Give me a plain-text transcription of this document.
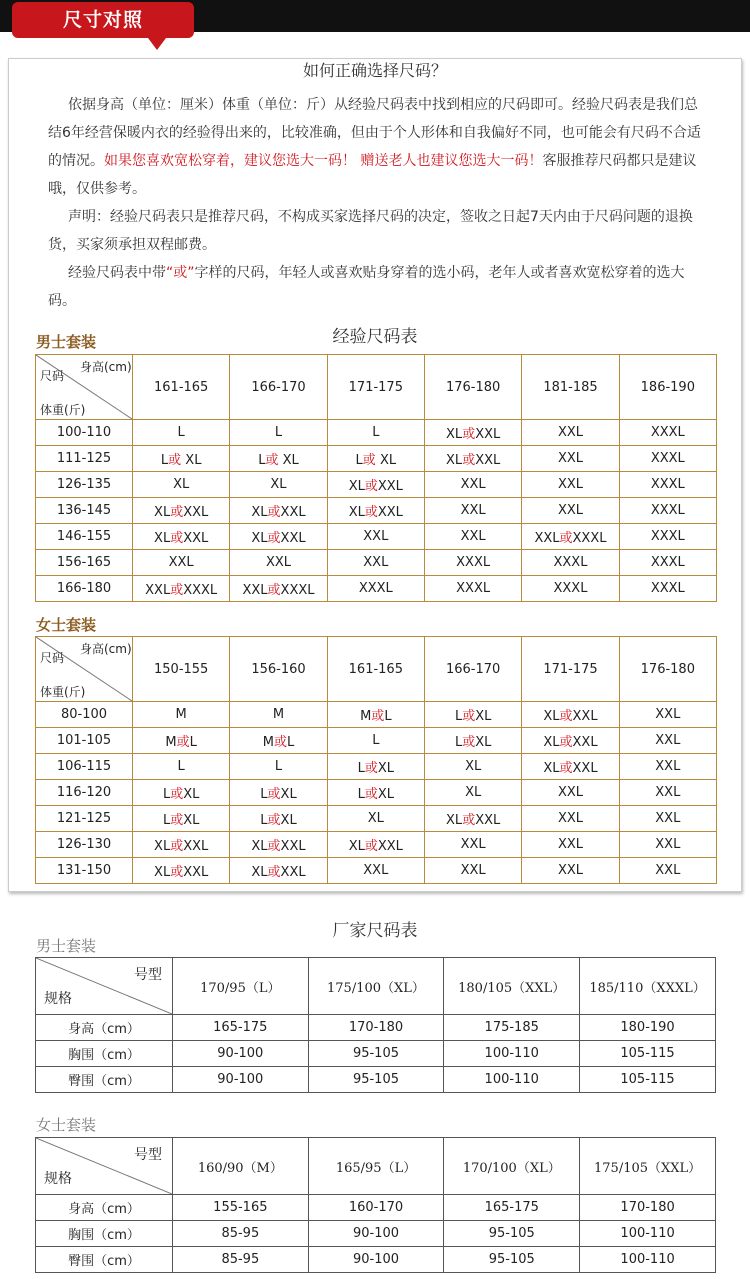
尺寸对照
如何正确选择尺码？
依据身高（单位：厘米）体重（单位：斤）从经验尺码表中找到相应的尺码即可。经验尺码表是我们总结6年经营保暖内衣的经验得出来的，比较准确，但由于个人形体和自我偏好不同，也可能会有尺码不合适的情况。如果您喜欢宽松穿着，建议您选大一码！ 赠送老人也建议您选大一码！客服推荐尺码都只是建议哦，仅供参考。
声明：经验尺码表只是推荐尺码，不构成买家选择尺码的决定，签收之日起7天内由于尺码问题的退换货，买家须承担双程邮费。
经验尺码表中带“或”字样的尺码，年轻人或喜欢贴身穿着的选小码，老年人或者喜欢宽松穿着的选大码。
经验尺码表
男士套装
身高(cm)
尺码
体重(斤)	161-165	166-170	171-175	176-180	181-185	186-190
100-110	L	L	L	XL或XXL	XXL	XXXL
111-125	L或 XL	L或 XL	L或 XL	XL或XXL	XXL	XXXL
126-135	XL	XL	XL或XXL	XXL	XXL	XXXL
136-145	XL或XXL	XL或XXL	XL或XXL	XXL	XXL	XXXL
146-155	XL或XXL	XL或XXL	XXL	XXL	XXL或XXXL	XXXL
156-165	XXL	XXL	XXL	XXXL	XXXL	XXXL
166-180	XXL或XXXL	XXL或XXXL	XXXL	XXXL	XXXL	XXXL
女士套装
身高(cm)
尺码
体重(斤)	150-155	156-160	161-165	166-170	171-175	176-180
80-100	M	M	M或L	L或XL	XL或XXL	XXL
101-105	M或L	M或L	L	L或XL	XL或XXL	XXL
106-115	L	L	L或XL	XL	XL或XXL	XXL
116-120	L或XL	L或XL	L或XL	XL	XXL	XXL
121-125	L或XL	L或XL	XL	XL或XXL	XXL	XXL
126-130	XL或XXL	XL或XXL	XL或XXL	XXL	XXL	XXL
131-150	XL或XXL	XL或XXL	XXL	XXL	XXL	XXL
厂家尺码表
男士套装
号型
规格	170/95（L）	175/100（XL）	180/105（XXL）	185/110（XXXL）
身高（cm）	165-175	170-180	175-185	180-190
胸围（cm）	90-100	95-105	100-110	105-115
臀围（cm）	90-100	95-105	100-110	105-115
女士套装
号型
规格	160/90（M）	165/95（L）	170/100（XL）	175/105（XXL）
身高（cm）	155-165	160-170	165-175	170-180
胸围（cm）	85-95	90-100	95-105	100-110
臀围（cm）	85-95	90-100	95-105	100-110
